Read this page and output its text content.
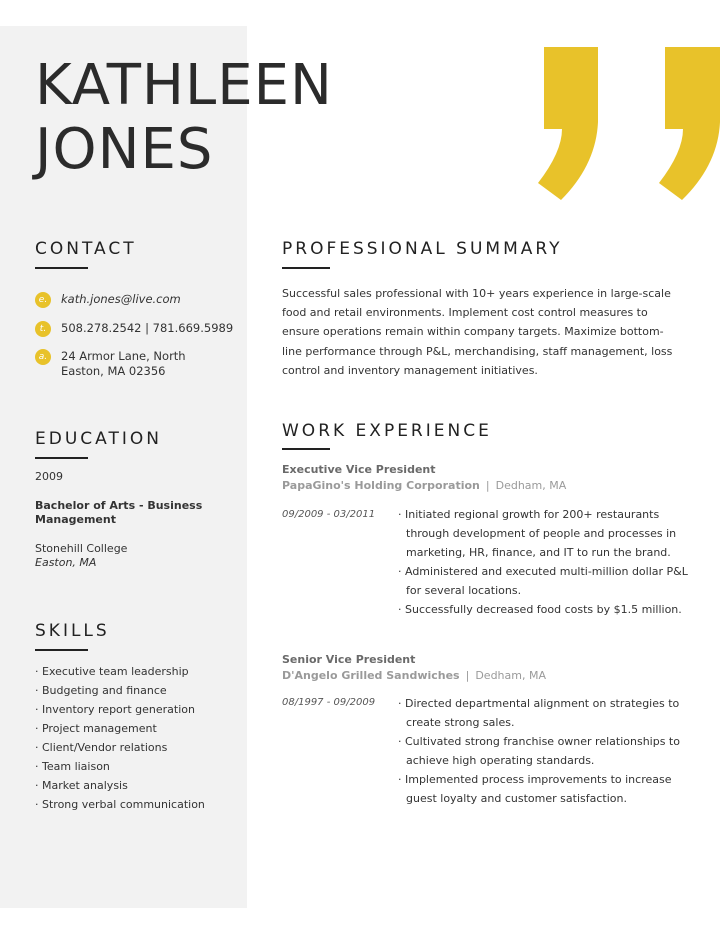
KATHLEEN
JONES
CONTACT
e.	kath.jones@live.com
t.	508.278.2542 | 781.669.5989
a.	24 Armor Lane, North
Easton, MA 02356
EDUCATION
2009
Bachelor of Arts - Business Management
Stonehill College
Easton, MA
SKILLS
· Executive team leadership
· Budgeting and finance
· Inventory report generation
· Project management
· Client/Vendor relations
· Team liaison
· Market analysis
· Strong verbal communication
PROFESSIONAL SUMMARY
Successful sales professional with 10+ years experience in large-scale food and retail environments. Implement cost control measures to ensure operations remain within company targets. Maximize bottom-line performance through P&L, merchandising, staff management, loss control and inventory management initiatives.
WORK EXPERIENCE
Executive Vice President
PapaGino's Holding Corporation | Dedham, MA
09/2009 - 03/2011 · Initiated regional growth for 200+ restaurants through development of people and processes in marketing, HR, finance, and IT to run the brand.
· Administered and executed multi-million dollar P&L for several locations.
· Successfully decreased food costs by $1.5 million.
Senior Vice President
D'Angelo Grilled Sandwiches | Dedham, MA
08/1997 - 09/2009 · Directed departmental alignment on strategies to create strong sales.
· Cultivated strong franchise owner relationships to achieve high operating standards.
· Implemented process improvements to increase guest loyalty and customer satisfaction.
